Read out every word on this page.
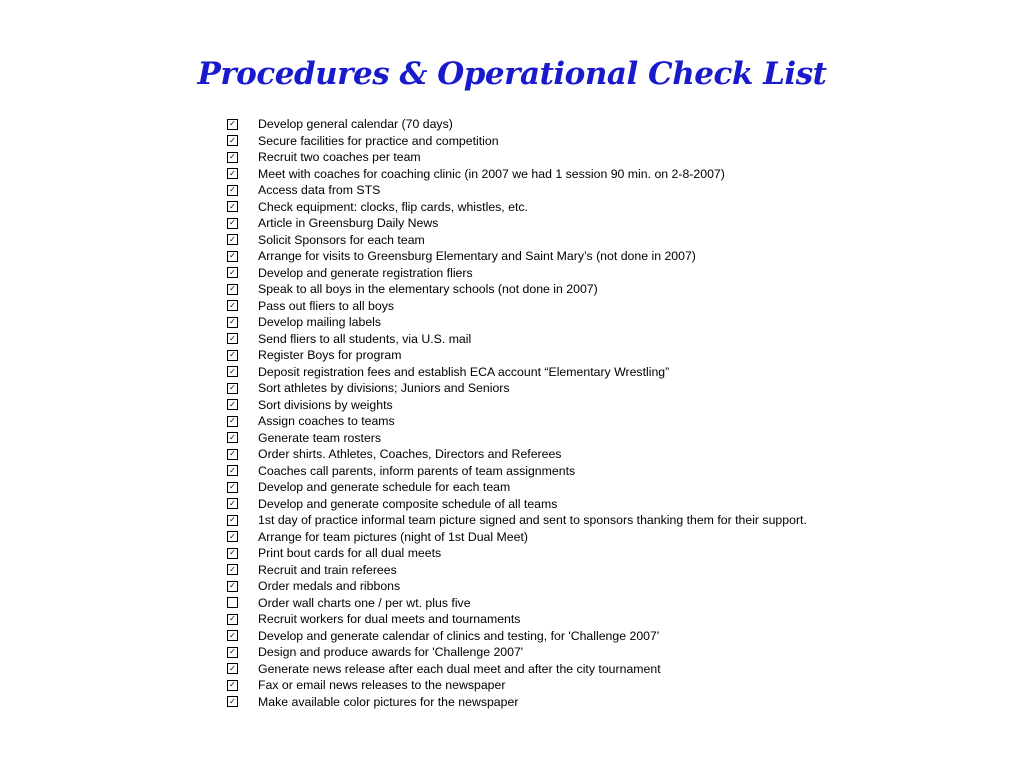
Procedures & Operational Check List
✓ Develop general calendar (70 days)
✓ Secure facilities for practice and competition
✓ Recruit two coaches per team
✓ Meet with coaches for coaching clinic (in 2007 we had 1 session 90 min. on 2-8-2007)
✓ Access data from STS
✓ Check equipment: clocks, flip cards, whistles, etc.
✓ Article in Greensburg Daily News
✓ Solicit Sponsors for each team
✓ Arrange for visits to Greensburg Elementary and Saint Mary’s (not done in 2007)
✓ Develop and generate registration fliers
✓ Speak to all boys in the elementary schools (not done in 2007)
✓ Pass out fliers to all boys
✓ Develop mailing labels
✓ Send fliers to all students, via U.S. mail
✓ Register Boys for program
✓ Deposit registration fees and establish ECA account “Elementary Wrestling”
✓ Sort athletes by divisions; Juniors and Seniors
✓ Sort divisions by weights
✓ Assign coaches to teams
✓ Generate team rosters
✓ Order shirts. Athletes, Coaches, Directors and Referees
✓ Coaches call parents, inform parents of team assignments
✓ Develop and generate schedule for each team
✓ Develop and generate composite schedule of all teams
✓ 1st day of practice informal team picture signed and sent to sponsors thanking them for their support.
✓ Arrange for team pictures (night of 1st Dual Meet)
✓ Print bout cards for all dual meets
✓ Recruit and train referees
✓ Order medals and ribbons
Order wall charts one / per wt. plus five
✓ Recruit workers for dual meets and tournaments
✓ Develop and generate calendar of clinics and testing, for 'Challenge 2007'
✓ Design and produce awards for 'Challenge 2007'
✓ Generate news release after each dual meet and after the city tournament
✓ Fax or email news releases to the newspaper
✓ Make available color pictures for the newspaper
